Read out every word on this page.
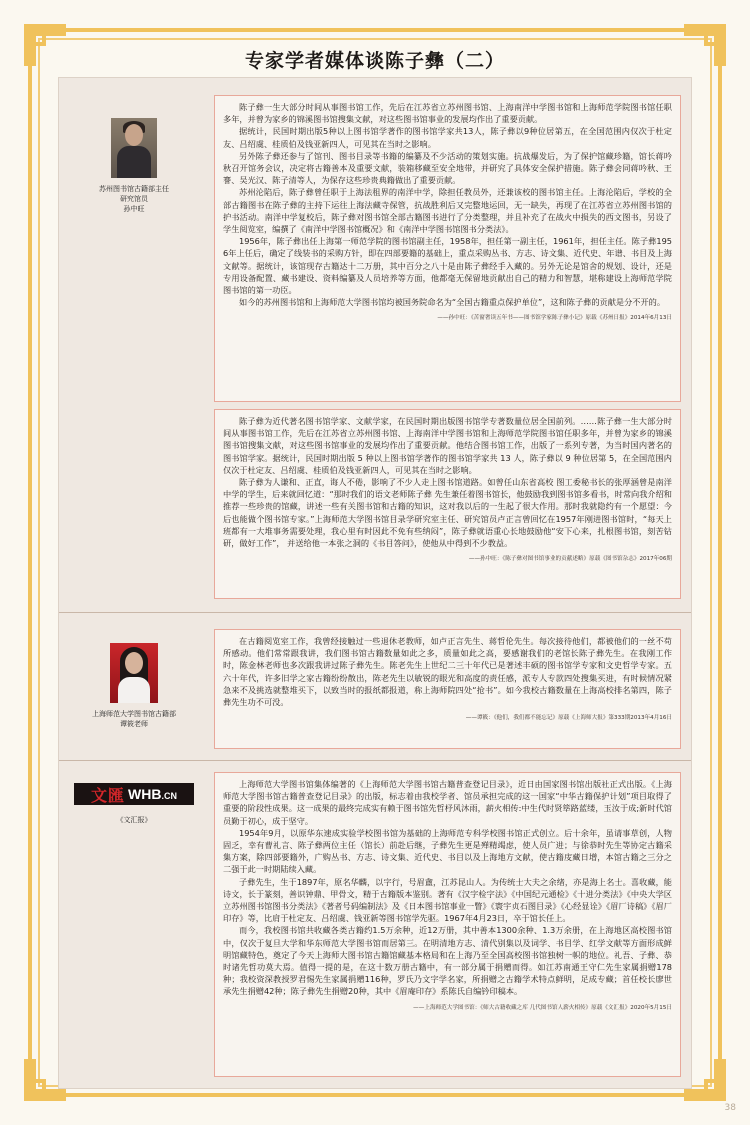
专家学者媒体谈陈子彝（二）
苏州图书馆古籍部主任
研究馆员
孙中旺

陈子彝一生大部分时间从事图书馆工作，先后在江苏省立苏州图书馆、上海南洋中学图书馆和上海师范学院图书馆任职多年，并曾为家乡的锦溪图书馆搜集文献，对这些图书馆事业的发展均作出了重要贡献。

据统计，民国时期出版5种以上图书馆学著作的图书馆学家共13人，陈子彝以9种位居第五，在全国范围内仅次于杜定友、吕绍虞、桂质伯及钱亚新四人，可见其在当时之影响。

另外陈子彝还参与了馆刊、图书目录等书籍的编纂及不少活动的策划实施。抗战爆发后，为了保护馆藏珍籍，馆长蒋吟秋召开馆务会议，决定将古籍善本及重要文献，装箱移藏至安全地带，并研究了具体安全保护措施。陈子彝会同蒋吟秋、王謇、吴光汉、陈子清等人，为保存这些珍贵典籍做出了重要贡献。

苏州沦陷后，陈子彝曾任职于上海法租界的南洋中学，除担任教员外，还兼该校的图书馆主任。上海沦陷后，学校的全部古籍图书在陈子彝的主持下运往上海法藏寺保管，抗战胜利后又完整地运回，无一缺失，再现了在江苏省立苏州图书馆的护书活动。南洋中学复校后，陈子彝对图书馆全部古籍图书进行了分类整理，并且补充了在战火中损失的西文图书，另设了学生阅览室，编撰了《南洋中学图书馆概况》和《南洋中学图书馆图书分类法》。

1956年，陈子彝出任上海第一师范学院的图书馆副主任，1958年，担任第一副主任，1961年，担任主任。陈子彝1956年上任后，确定了线装书的采购方针，即在四部要籍的基础上，重点采购丛书、方志、诗文集、近代史、年谱、书目及上海文献等。据统计，该馆现存古籍达十二万册，其中百分之八十是由陈子彝经手入藏的。另外无论是馆舍的规划、设计，还是专用设备配置、藏书建设、资料编纂及人员培养等方面，他都毫无保留地贡献出自己的精力和智慧，堪称建设上海师范学院图书馆的第一功臣。

如今的苏州图书馆和上海师范大学图书馆均被国务院命名为“全国古籍重点保护单位”，这和陈子彝的贡献是分不开的。

——孙中旺：《苦窗奢读五年书——图书馆学家陈子彝小记》原载《苏州日报》2014年6月13日

陈子彝为近代著名图书馆学家、文献学家，在民国时期出版图书馆学专著数量位居全国前列。……陈子彝一生大部分时间从事图书馆工作，先后在江苏省立苏州图书馆、上海南洋中学图书馆和上海师范学院图书馆任职多年，并曾为家乡的锦溪图书馆搜集文献，对这些图书馆事业的发展均作出了重要贡献。他结合图书馆工作，出版了一系列专著，为当时国内著名的图书馆学家。据统计，民国时期出版 5 种以上图书馆学著作的图书馆学家共 13 人，陈子彝以 9 种位居第 5，在全国范围内仅次于杜定友、吕绍虞、桂质伯及钱亚新四人，可见其在当时之影响。

陈子彝为人谦和、正直，诲人不倦，影响了不少人走上图书馆道路。如曾任山东省高校 图工委秘书长的张厚涵曾是南洋中学的学生，后来就回忆道：“那时我们的语文老师陈子彝 先生兼任着图书馆长，他鼓励我到图书馆多看书，时常向我介绍和推荐一些珍贵的馆藏，讲述一些有关图书馆和古籍的知识，这对我以后的一生起了很大作用。那时我就隐约有一个愿望：今后也能做个图书馆专家。”上海师范大学图书馆目录学研究室主任、研究馆员卢正言曾回忆在1957年刚进图书馆时，“每天上班都有一大堆事务需要处理，我心里有时因此不免有些纳闷”，陈子彝就语重心长地鼓励他“安下心来，扎根图书馆，刻苦钻研，做好工作”， 并送给他一本张之洞的《书目答问》，使他从中得到不少教益。

——孙中旺：《陈子彝对图书馆事业的贡献述略》原载《图书馆杂志》2017年06期
上海师范大学图书馆古籍部
谭筱老师

在古籍阅览室工作，我曾经接触过一些退休老教师，如卢正言先生、蒋哲伦先生。每次接待他们，都被他们的一丝不苟所感动。他们常常跟我讲，我们图书馆古籍数量如此之多，质量如此之高，要感谢我们的老馆长陈子彝先生。在我刚工作时，陈金林老师也多次跟我讲过陈子彝先生。陈老先生上世纪二三十年代已是著述丰硕的图书馆学专家和文史哲学专家。五六十年代，许多旧学之家古籍纷纷散出，陈老先生以敏锐的眼光和高度的责任感，派专人专款四处搜集买进，有时候情况紧急来不及挑选就整堆买下，以致当时的报纸都报道，称上海师院四处“抢书”。如今我校古籍数量在上海高校排名第四，陈子彝先生功不可没。

——谭筱：《他们，我们都不能忘记》原载《上海师大报》第333期2013年4月16日
文匯 WHB.CN
《文汇报》

上海师范大学图书馆集体编著的《上海师范大学图书馆古籍普查登记目录》，近日由国家图书馆出版社正式出版。《上海师范大学图书馆古籍普查登记目录》的出版，标志着由我校学者、馆员承担完成的这一国家“中华古籍保护计划”项目取得了重要的阶段性成果。这一成果的最终完成实有赖于图书馆先哲杼风沐雨，薪火相传:中生代时贤筚路蓝缕，玉汝于成;新时代馆员勤于初心，成于坚守。

1954年9月，以原华东速成实验学校图书馆为基础的上海师范专科学校图书馆正式创立。后十余年，虽请事草创，人物固乏，幸有曹礼言、陈子彝两位主任（馆长）前赴后继，子彝先生更是殚精竭虑，使人员广进；与徐恭时先生等协定古籍采集方案，除四部要籍外，广购丛书、方志、诗文集、近代史、书目以及上海地方文献，使古籍庋藏日增，本馆古籍之三分之二强于此一时期陆续入藏。

子彝先生，生于1897年，原名华麟，以字行，号眉盦，江苏昆山人。为传统士大夫之余绪，亦是海上名士。喜收藏，能诗文，长于篆刻，善识钟鼎、甲骨文，精于古籍版本鉴别。著有《汉字检字法》《中国纪元通检》《十进分类法》《中央大学区立苏州图书馆图书分类法》《著者号码编制法》及《日本图书馆事业一瞥》《寰宇贞石图目录》《心经显诠》《眉厂诗稿》《眉厂印存》等，比肩于杜定友、吕绍虞、钱亚新等图书馆学先驱。1967年4月23日，卒于馆长任上。

而今，我校图书馆共收藏各类古籍约1.5万余种，近12万册，其中善本1300余种、1.3万余册，在上海地区高校图书馆中，仅次于复旦大学和华东师范大学图书馆而居第三。在明清地方志、清代别集以及词学、书目学、红学文献等方面形成鲜明馆藏特色，奠定了今天上海师大图书馆古籍馆藏基本格局和在上海乃至全国高校图书馆独树一帜的地位。礼吾、子彝、恭时诸先哲功莫大焉。值得一提的是，在这十数万册古籍中，有一部分属于捐赠而得。如江苏南通王守仁先生家属捐赠178种；我校资深教授罗君惕先生家属捐赠116种，罗氏乃文字学名家，所捐赠之古籍学术特点鲜明，足成专藏；首任校长廖世承先生捐赠42种；陈子彝先生捐赠20种，其中《眉庵印存》系陈氏自编钤印稿本。

——上海师范大学图书馆：《师大古籍收藏之库 几代图书馆人薪火相传》原载《文汇报》2020年5月15日
38
